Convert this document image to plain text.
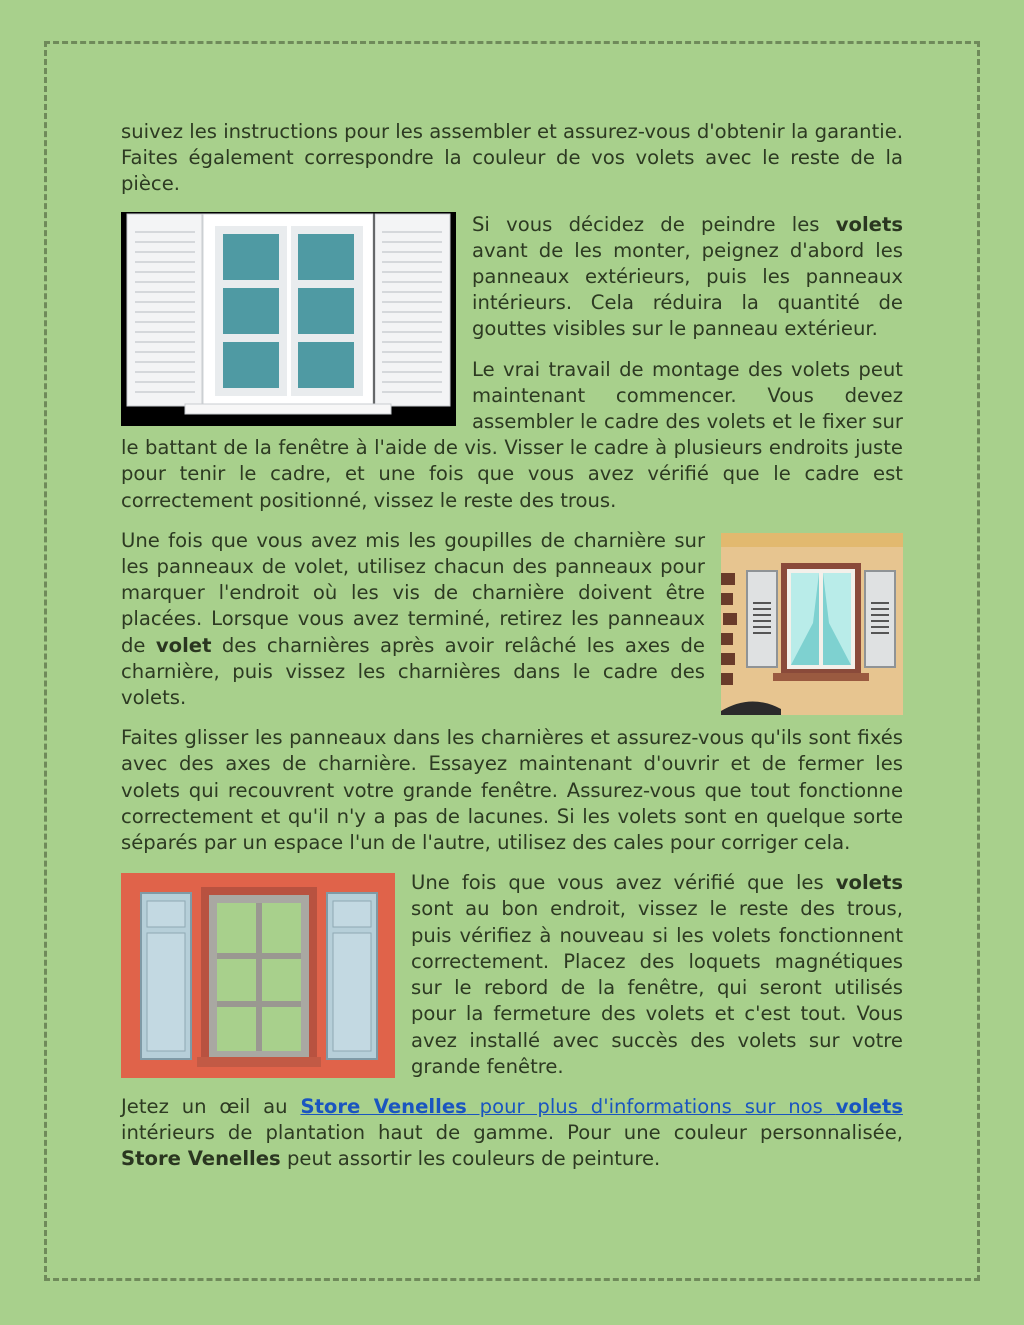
suivez les instructions pour les assembler et assurez-vous d'obtenir la garantie. Faites également correspondre la couleur de vos volets avec le reste de la pièce.

Si vous décidez de peindre les volets avant de les monter, peignez d'abord les panneaux extérieurs, puis les panneaux intérieurs. Cela réduira la quantité de gouttes visibles sur le panneau extérieur.

Le vrai travail de montage des volets peut maintenant commencer. Vous devez assembler le cadre des volets et le fixer sur le battant de la fenêtre à l'aide de vis. Visser le cadre à plusieurs endroits juste pour tenir le cadre, et une fois que vous avez vérifié que le cadre est correctement positionné, vissez le reste des trous.

Une fois que vous avez mis les goupilles de charnière sur les panneaux de volet, utilisez chacun des panneaux pour marquer l'endroit où les vis de charnière doivent être placées. Lorsque vous avez terminé, retirez les panneaux de volet des charnières après avoir relâché les axes de charnière, puis vissez les charnières dans le cadre des volets.

Faites glisser les panneaux dans les charnières et assurez-vous qu'ils sont fixés avec des axes de charnière. Essayez maintenant d'ouvrir et de fermer les volets qui recouvrent votre grande fenêtre. Assurez-vous que tout fonctionne correctement et qu'il n'y a pas de lacunes. Si les volets sont en quelque sorte séparés par un espace l'un de l'autre, utilisez des cales pour corriger cela.

Une fois que vous avez vérifié que les volets sont au bon endroit, vissez le reste des trous, puis vérifiez à nouveau si les volets fonctionnent correctement. Placez des loquets magnétiques sur le rebord de la fenêtre, qui seront utilisés pour la fermeture des volets et c'est tout. Vous avez installé avec succès des volets sur votre grande fenêtre.

Jetez un œil au Store Venelles pour plus d'informations sur nos volets intérieurs de plantation haut de gamme. Pour une couleur personnalisée, Store Venelles peut assortir les couleurs de peinture.
